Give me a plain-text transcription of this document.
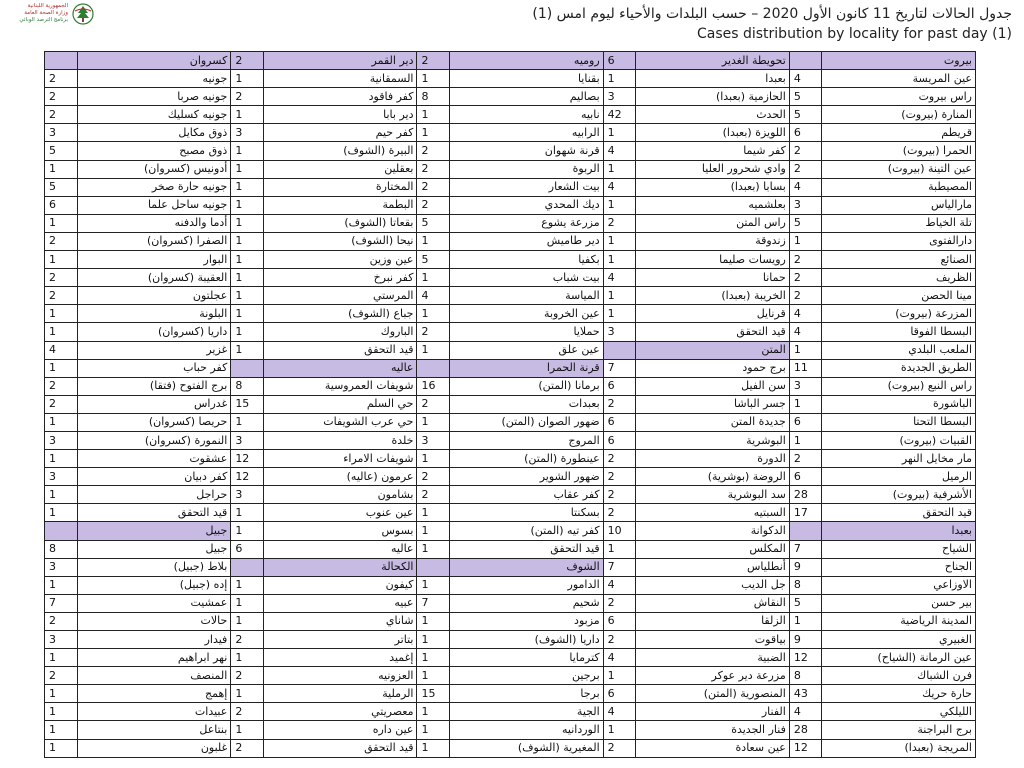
الجمهورية اللبنانية
وزارة الصحة العامة
برنامج الترصد الوبائي	جدول الحالات لتاريخ 11 كانون الأول 2020 – حسب البلدات والأحياء ليوم امس (1)
Cases distribution by locality for past day (1)
بيروت		تحويطة الغدير	6	روميه	2	دير القمر	2	كسروان	
عين المريسة	4	بعبدا	1	بقنايا	1	السمقانية	1	جونيه	2
راس بيروت	5	الحازمية (بعبدا)	3	بصاليم	8	كفر فاقود	2	جونيه صربا	2
المنارة (بيروت)	5	الحدث	42	نابيه	1	دير بابا	1	جونيه كسليك	2
قريطم	6	اللويزة (بعبدا)	1	الرابيه	1	كفر حيم	3	ذوق مكايل	3
الحمرا (بيروت)	2	كفر شيما	4	قرنة شهوان	2	البيرة (الشوف)	1	ذوق مصبح	5
عين التينة (بيروت)	2	وادي شحرور العليا	1	الربوة	2	بعقلين	1	أدونيس (كسروان)	1
المصيطبة	4	بسابا (بعبدا)	4	بيت الشعار	2	المختارة	1	جونيه حارة صخر	5
مارالياس	3	بعلشميه	1	ديك المحدي	2	البطمة	1	جونيه ساحل علما	6
تلة الخياط	5	راس المتن	2	مزرعة يشوع	5	بقعاتا (الشوف)	1	أدما والدفنه	1
دارالفتوى	1	زندوقة	1	دير طاميش	1	نيحا (الشوف)	1	الصفرا (كسروان)	2
الصنائع	2	رويسات صليما	1	بكفيا	5	عين وزين	1	البوار	1
الظريف	2	حمانا	4	بيت شباب	1	كفر نبرخ	1	العقيبة (كسروان)	2
مينا الحصن	2	الخريبة (بعبدا)	1	المياسة	4	المرستي	1	عجلتون	2
المزرعة (بيروت)	4	قرنايل	1	عين الخروبة	1	جباع (الشوف)	1	البلونة	1
البسطا الفوقا	4	قيد التحقق	3	حملايا	2	الباروك	1	داريا (كسروان)	1
الملعب البلدي	1	المتن		عين علق	1	قيد التحقق	1	غزير	4
الطريق الجديدة	11	برج حمود	7	قرنة الحمرا		عاليه		كفر حباب	1
راس النبع (بيروت)	3	سن الفيل	6	برمانا (المتن)	16	شويفات العمروسية	8	برج الفتوح (فتقا)	2
الباشورة	1	جسر الباشا	2	بعبدات	2	حي السلم	15	غدراس	2
البسطا التحتا	6	جديدة المتن	6	ضهور الصوان (المتن)	1	حي عرب الشويفات	1	حريصا (كسروان)	1
القبيات (بيروت)	1	البوشرية	6	المروج	3	خلدة	3	النمورة (كسروان)	3
مار مخايل النهر	2	الدورة	2	عينطورة (المتن)	1	شويفات الامراء	12	عشقوت	1
الرميل	6	الروضة (بوشرية)	2	ضهور الشوير	2	عرمون (عاليه)	12	كفر دبيان	3
الأشرفية (بيروت)	28	سد البوشرية	2	كفر عقاب	2	بشامون	3	حراجل	1
قيد التحقق	17	السبتيه	2	بسكنتا	1	عين عنوب	1	قيد التحقق	1
بعبدا		الدكوانة	10	كفر تيه (المتن)	1	بسوس	1	جبيل	
الشياح	7	المكلس	1	قيد التحقق	1	عاليه	6	جبيل	8
الجناح	9	أنطلياس	7	الشوف		الكحالة		بلاط (جبيل)	3
الاوزاعي	8	جل الديب	4	الدامور	1	كيفون	1	إده (جبيل)	1
بير حسن	5	النقاش	2	شحيم	7	عبيه	1	عمشيت	7
المدينة الرياضية	1	الزلقا	6	مزبود	1	شاناي	1	حالات	2
الغبيري	9	بياقوت	2	داريا (الشوف)	1	بتاتر	2	فيدار	3
عين الرمانة (الشياح)	12	الضبية	4	كترمايا	1	إغميد	1	نهر ابراهيم	1
فرن الشباك	8	مزرعة دير عوكر	1	برجين	1	العزونيه	2	المنصف	2
حارة حريك	43	المنصورية (المتن)	6	برجا	15	الرملية	1	إهمج	1
الليلكي	4	الفنار	4	الجية	1	معصريتي	2	عبيدات	1
برج البراجنة	28	فنار الجديدة	1	الوردانيه	1	عين داره	1	بنتاعل	1
المريجة (بعبدا)	12	عين سعادة	2	المغيرية (الشوف)	1	قيد التحقق	2	غلبون	1
